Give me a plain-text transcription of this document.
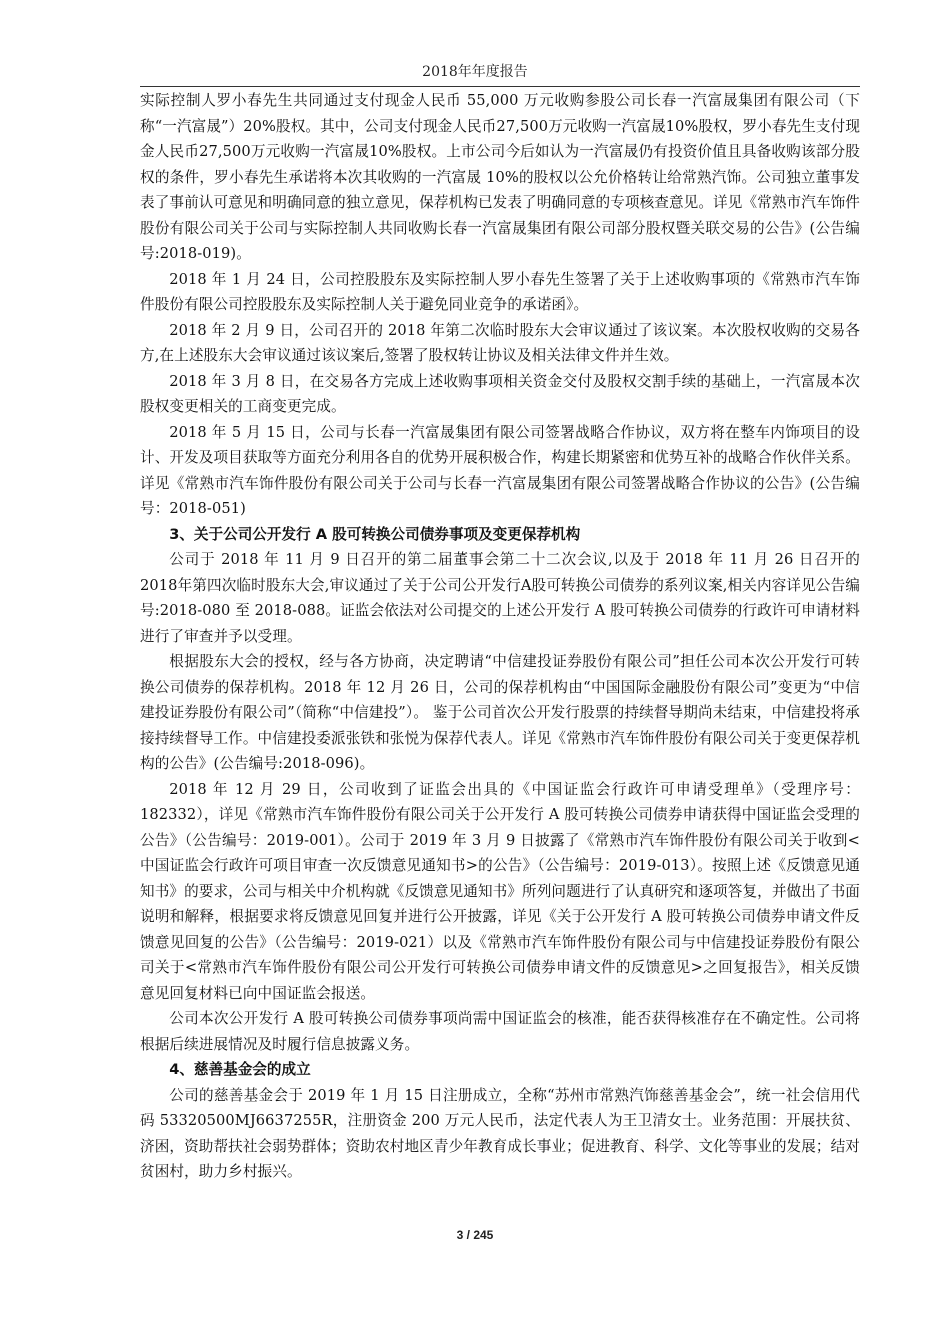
2018年年度报告

实际控制人罗小春先生共同通过支付现金人民币 55,000 万元收购参股公司长春一汽富晟集团有限公司（下称“一汽富晟”）20%股权。其中，公司支付现金人民币27,500万元收购一汽富晟10%股权，罗小春先生支付现金人民币27,500万元收购一汽富晟10%股权。上市公司今后如认为一汽富晟仍有投资价值且具备收购该部分股权的条件，罗小春先生承诺将本次其收购的一汽富晟 10%的股权以公允价格转让给常熟汽饰。公司独立董事发表了事前认可意见和明确同意的独立意见，保荐机构已发表了明确同意的专项核查意见。详见《常熟市汽车饰件股份有限公司关于公司与实际控制人共同收购长春一汽富晟集团有限公司部分股权暨关联交易的公告》(公告编号:2018-019)。

2018 年 1 月 24 日，公司控股股东及实际控制人罗小春先生签署了关于上述收购事项的《常熟市汽车饰件股份有限公司控股股东及实际控制人关于避免同业竞争的承诺函》。

2018 年 2 月 9 日，公司召开的 2018 年第二次临时股东大会审议通过了该议案。本次股权收购的交易各方,在上述股东大会审议通过该议案后,签署了股权转让协议及相关法律文件并生效。

2018 年 3 月 8 日，在交易各方完成上述收购事项相关资金交付及股权交割手续的基础上，一汽富晟本次股权变更相关的工商变更完成。

2018 年 5 月 15 日，公司与长春一汽富晟集团有限公司签署战略合作协议，双方将在整车内饰项目的设计、开发及项目获取等方面充分利用各自的优势开展积极合作，构建长期紧密和优势互补的战略合作伙伴关系。详见《常熟市汽车饰件股份有限公司关于公司与长春一汽富晟集团有限公司签署战略合作协议的公告》(公告编号：2018-051)

3、关于公司公开发行 A 股可转换公司债券事项及变更保荐机构

公司于 2018 年 11 月 9 日召开的第二届董事会第二十二次会议,以及于 2018 年 11 月 26 日召开的2018年第四次临时股东大会,审议通过了关于公司公开发行A股可转换公司债券的系列议案,相关内容详见公告编号:2018-080 至 2018-088。证监会依法对公司提交的上述公开发行 A 股可转换公司债券的行政许可申请材料进行了审查并予以受理。

根据股东大会的授权，经与各方协商，决定聘请“中信建投证券股份有限公司”担任公司本次公开发行可转换公司债券的保荐机构。2018 年 12 月 26 日，公司的保荐机构由“中国国际金融股份有限公司”变更为“中信建投证券股份有限公司”（简称“中信建投”）。 鉴于公司首次公开发行股票的持续督导期尚未结束，中信建投将承接持续督导工作。中信建投委派张铁和张悦为保荐代表人。详见《常熟市汽车饰件股份有限公司关于变更保荐机构的公告》(公告编号:2018-096)。

2018 年 12 月 29 日，公司收到了证监会出具的《中国证监会行政许可申请受理单》（受理序号：182332），详见《常熟市汽车饰件股份有限公司关于公开发行 A 股可转换公司债券申请获得中国证监会受理的公告》（公告编号：2019-001）。公司于 2019 年 3 月 9 日披露了《常熟市汽车饰件股份有限公司关于收到<中国证监会行政许可项目审查一次反馈意见通知书>的公告》（公告编号：2019-013）。按照上述《反馈意见通知书》的要求，公司与相关中介机构就《反馈意见通知书》所列问题进行了认真研究和逐项答复，并做出了书面说明和解释，根据要求将反馈意见回复并进行公开披露，详见《关于公开发行 A 股可转换公司债券申请文件反馈意见回复的公告》（公告编号：2019-021）以及《常熟市汽车饰件股份有限公司与中信建投证券股份有限公司关于<常熟市汽车饰件股份有限公司公开发行可转换公司债券申请文件的反馈意见>之回复报告》，相关反馈意见回复材料已向中国证监会报送。

公司本次公开发行 A 股可转换公司债券事项尚需中国证监会的核准，能否获得核准存在不确定性。公司将根据后续进展情况及时履行信息披露义务。

4、慈善基金会的成立

公司的慈善基金会于 2019 年 1 月 15 日注册成立，全称“苏州市常熟汽饰慈善基金会”，统一社会信用代码 53320500MJ6637255R，注册资金 200 万元人民币，法定代表人为王卫清女士。业务范围：开展扶贫、济困，资助帮扶社会弱势群体；资助农村地区青少年教育成长事业；促进教育、科学、文化等事业的发展；结对贫困村，助力乡村振兴。

3 / 245
